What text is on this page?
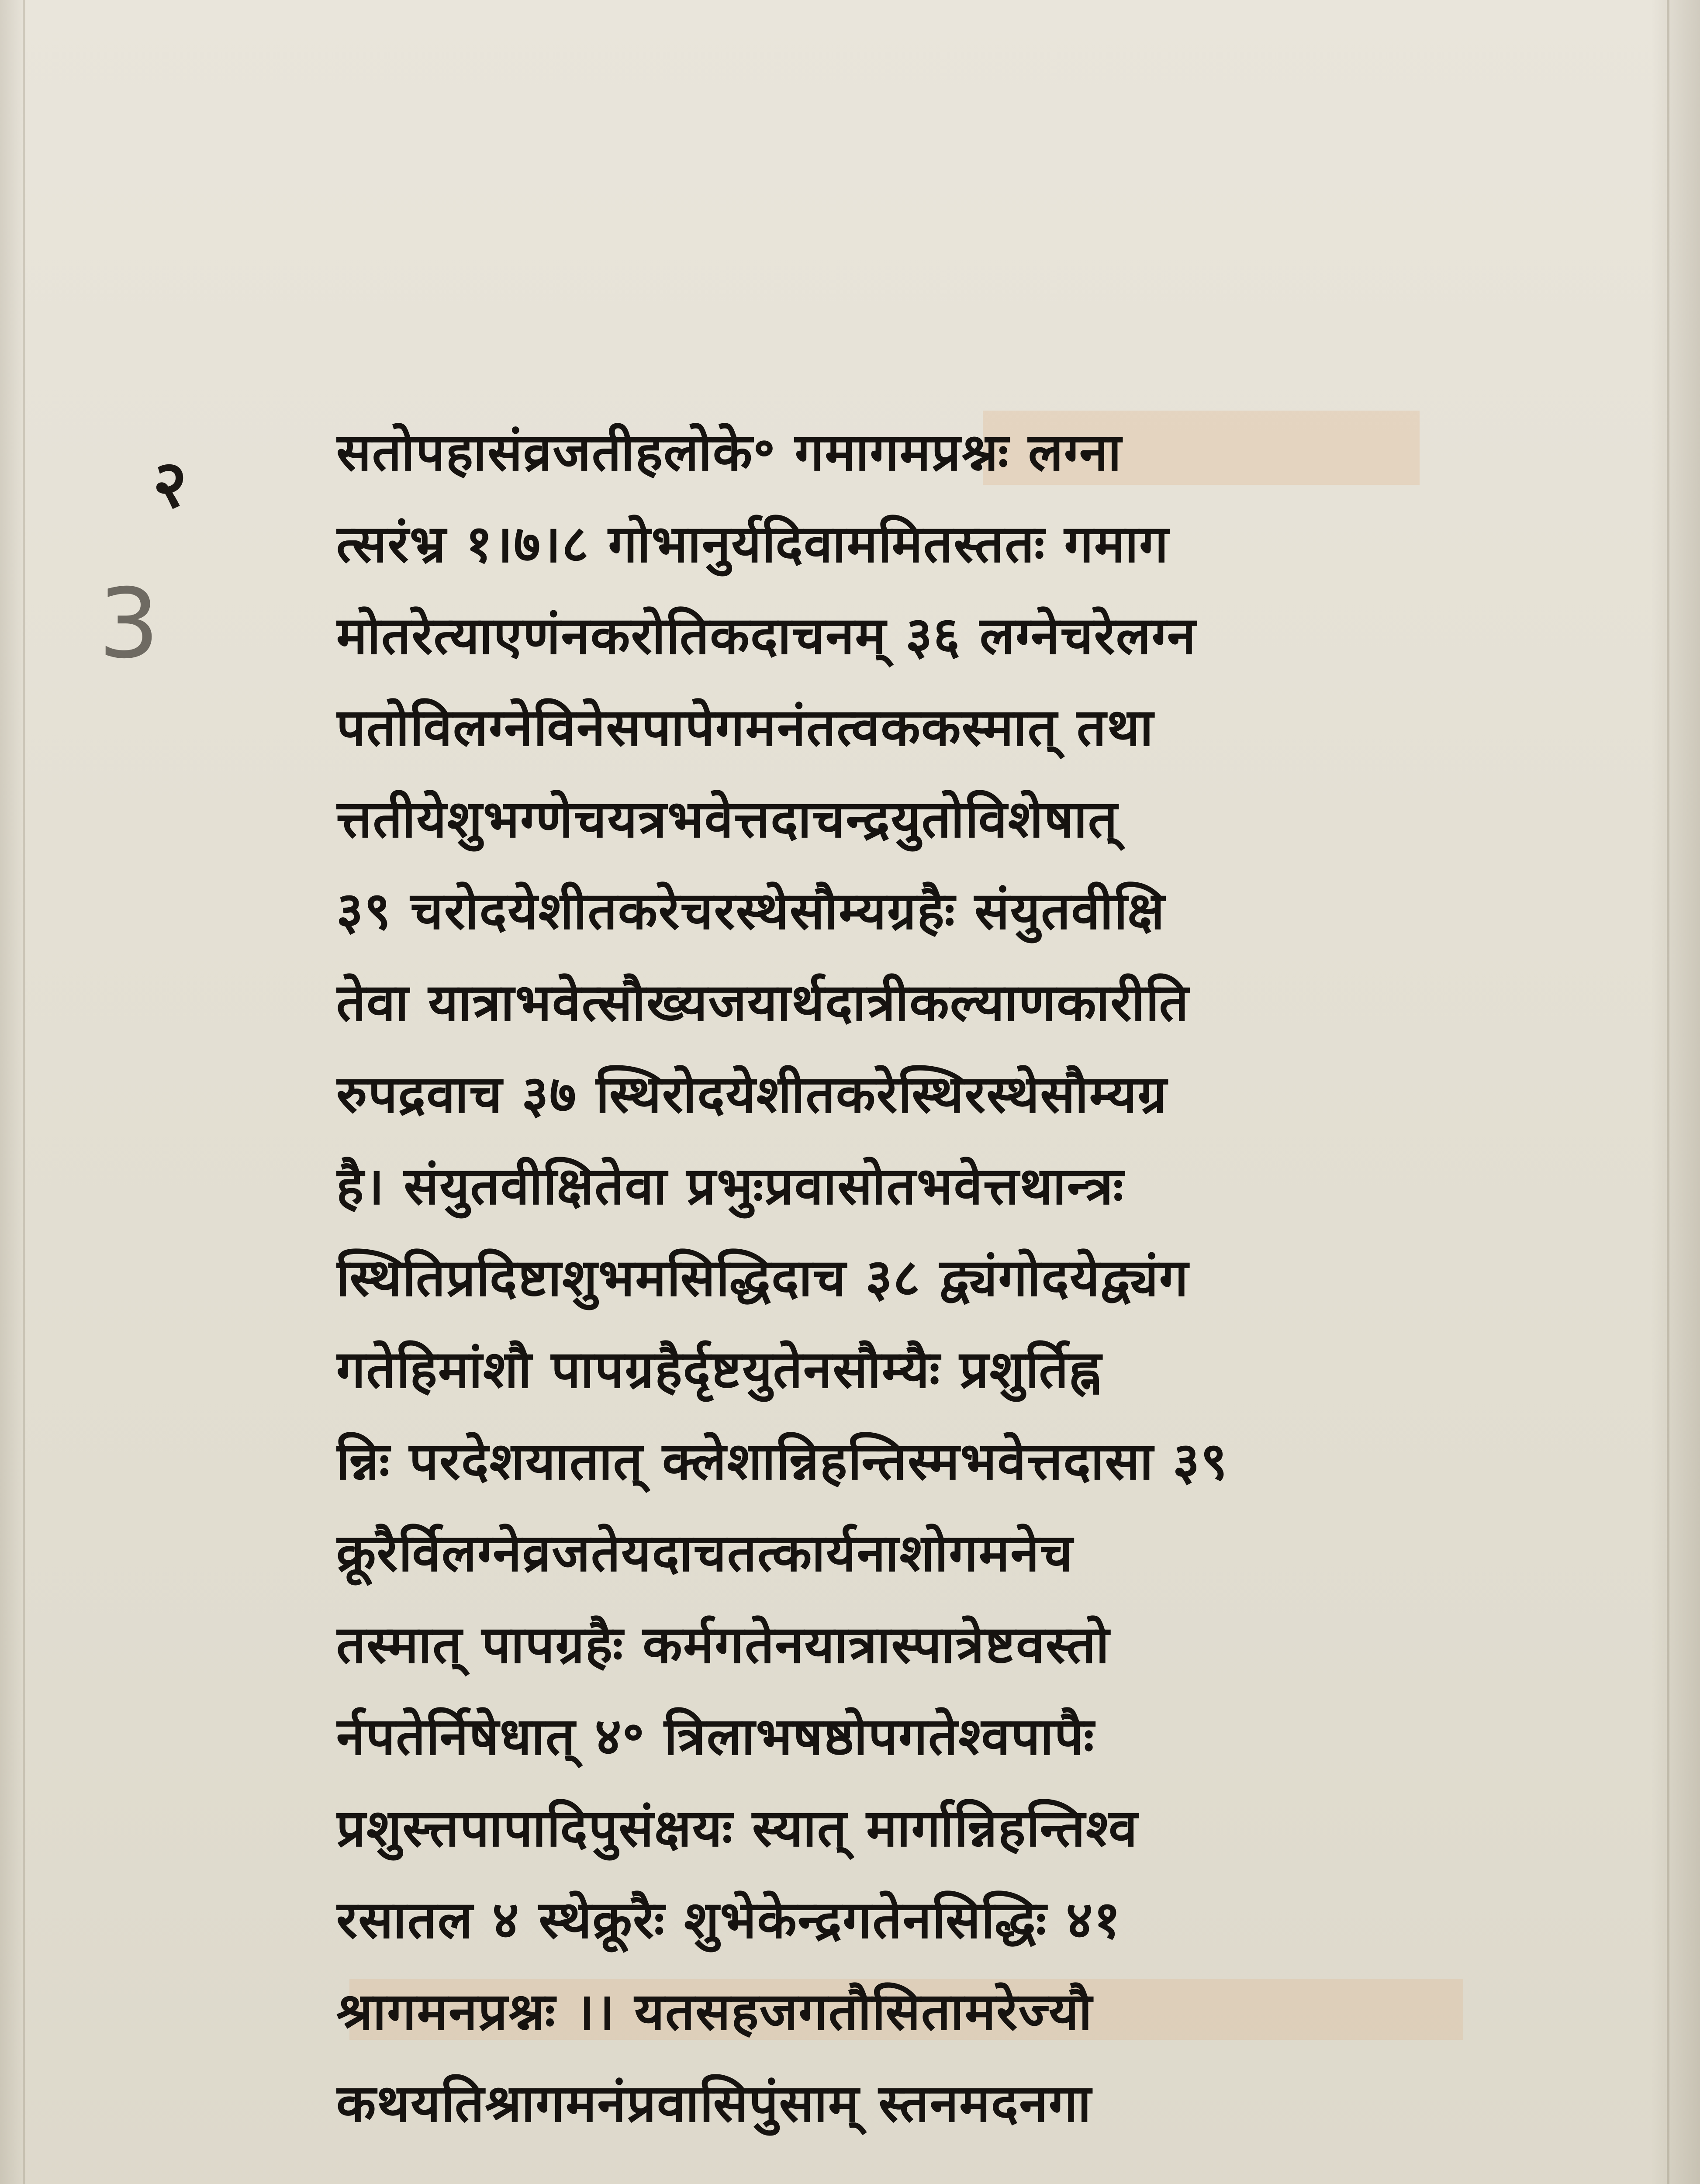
२
3
सतोपहासंव्रजतीहलोके॰ गमागमप्रश्नः लग्ना
त्सरंभ्र १।७।८ गोभानुर्यदिवाममितस्ततः गमाग
मोतरेत्याएणंनकरोतिकदाचनम् ३६ लग्नेचरेलग्न
पतोविलग्नेविनेसपापेगमनंतत्वककस्मात् तथा
त्ततीयेशुभग्णेचयत्रभवेत्तदाचन्द्रयुतोविशेषात्
३९ चरोदयेशीतकरेचरस्थेसौम्यग्रहैः संयुतवीक्षि
तेवा यात्राभवेत्सौख्यजयार्थदात्रीकल्याणकारीति
रुपद्रवाच ३७ स्थिरोदयेशीतकरेस्थिरस्थेसौम्यग्र
है। संयुतवीक्षितेवा प्रभुःप्रवासोतभवेत्तथान्त्रः
स्थितिप्रदिष्टाशुभमसिद्धिदाच ३८ द्व्यंगोदयेद्व्यंग
गतेहिमांशौ पापग्रहैर्दृष्टयुतेनसौम्यैः प्रशुर्तिह्न
न्निः परदेशयातात् क्लेशान्निहन्तिस्मभवेत्तदासा ३९
क्रूरैर्विलग्नेव्रजतेयदाचतत्कार्यनाशोगमनेच
तस्मात् पापग्रहैः कर्मगतेनयात्रास्पात्रेष्टवस्तो
र्नपतेर्निषेधात् ४॰ त्रिलाभषष्ठोपगतेश्वपापैः
प्रशुस्त्तपापादिपुसंक्षयः स्यात् मार्गान्निहन्तिश्व
रसातल ४ स्थेक्रूरैः शुभेकेन्द्रगतेनसिद्धिः ४१
श्रागमनप्रश्नः ।। यतसहजगतौसितामरेज्यौ
कथयतिश्रागमनंप्रवासिपुंसाम् स्तनमदनगा
